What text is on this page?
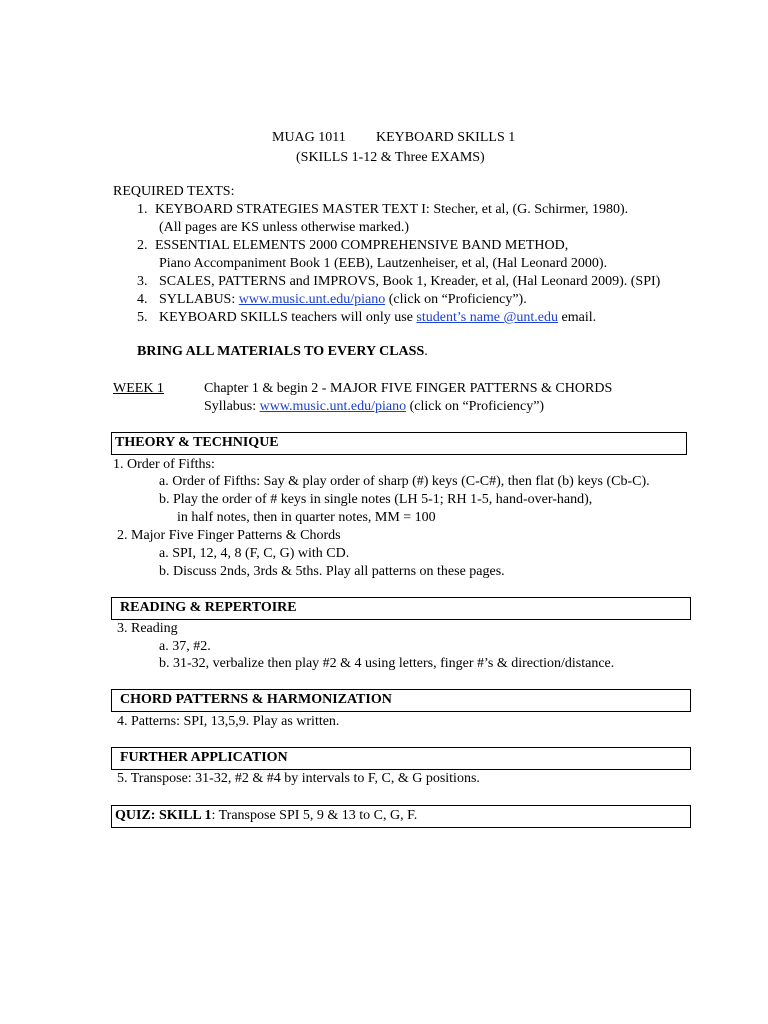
MUAG 1011 KEYBOARD SKILLS 1
(SKILLS 1-12 & Three EXAMS)
REQUIRED TEXTS:
1. KEYBOARD STRATEGIES MASTER TEXT I: Stecher, et al, (G. Schirmer, 1980).
(All pages are KS unless otherwise marked.)
2. ESSENTIAL ELEMENTS 2000 COMPREHENSIVE BAND METHOD,
Piano Accompaniment Book 1 (EEB), Lautzenheiser, et al, (Hal Leonard 2000).
3. SCALES, PATTERNS and IMPROVS, Book 1, Kreader, et al, (Hal Leonard 2009). (SPI)
4. SYLLABUS: www.music.unt.edu/piano (click on “Proficiency”).
5. KEYBOARD SKILLS teachers will only use student’s name @unt.edu email.
BRING ALL MATERIALS TO EVERY CLASS.
WEEK 1	Chapter 1 & begin 2 - MAJOR FIVE FINGER PATTERNS & CHORDS
Syllabus: www.music.unt.edu/piano (click on “Proficiency”)
THEORY & TECHNIQUE
1. Order of Fifths:
a. Order of Fifths: Say & play order of sharp (#) keys (C-C#), then flat (b) keys (Cb-C).
b. Play the order of # keys in single notes (LH 5-1; RH 1-5, hand-over-hand),
in half notes, then in quarter notes, MM = 100
2. Major Five Finger Patterns & Chords
a. SPI, 12, 4, 8 (F, C, G) with CD.
b. Discuss 2nds, 3rds & 5ths. Play all patterns on these pages.
READING & REPERTOIRE
3. Reading
a. 37, #2.
b. 31-32, verbalize then play #2 & 4 using letters, finger #’s & direction/distance.
CHORD PATTERNS & HARMONIZATION
4. Patterns: SPI, 13,5,9. Play as written.
FURTHER APPLICATION
5. Transpose: 31-32, #2 & #4 by intervals to F, C, & G positions.
QUIZ: SKILL 1: Transpose SPI 5, 9 & 13 to C, G, F.
